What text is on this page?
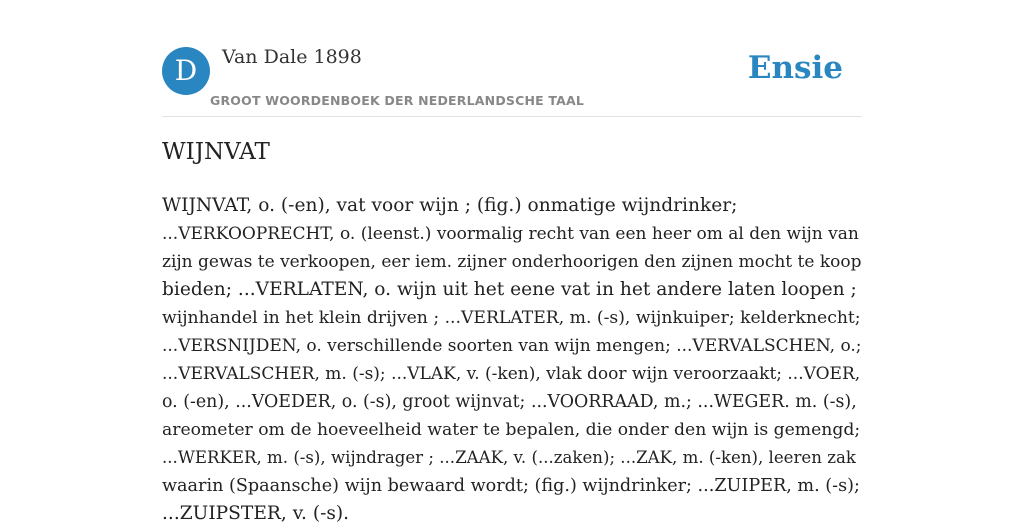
D	Van Dale 1898
GROOT WOORDENBOEK DER NEDERLANDSCHE TAAL
Ensie
WIJNVAT

WIJNVAT, o. (-en), vat voor wijn ; (fig.) onmatige wijndrinker;
...VERKOOPRECHT, o. (leenst.) voormalig recht van een heer om al den wijn van
zijn gewas te verkoopen, eer iem. zijner onderhoorigen den zijnen mocht te koop
bieden; ...VERLATEN, o. wijn uit het eene vat in het andere laten loopen ;
wijnhandel in het klein drijven ; ...VERLATER, m. (-s), wijnkuiper; kelderknecht;
...VERSNIJDEN, o. verschillende soorten van wijn mengen; ...VERVALSCHEN, o.;
...VERVALSCHER, m. (-s); ...VLAK, v. (-ken), vlak door wijn veroorzaakt; ...VOER,
o. (-en), ...VOEDER, o. (-s), groot wijnvat; ...VOORRAAD, m.; ...WEGER. m. (-s),
areometer om de hoeveelheid water te bepalen, die onder den wijn is gemengd;
...WERKER, m. (-s), wijndrager ; ...ZAAK, v. (...zaken); ...ZAK, m. (-ken), leeren zak
waarin (Spaansche) wijn bewaard wordt; (fig.) wijndrinker; ...ZUIPER, m. (-s);
...ZUIPSTER, v. (-s).
